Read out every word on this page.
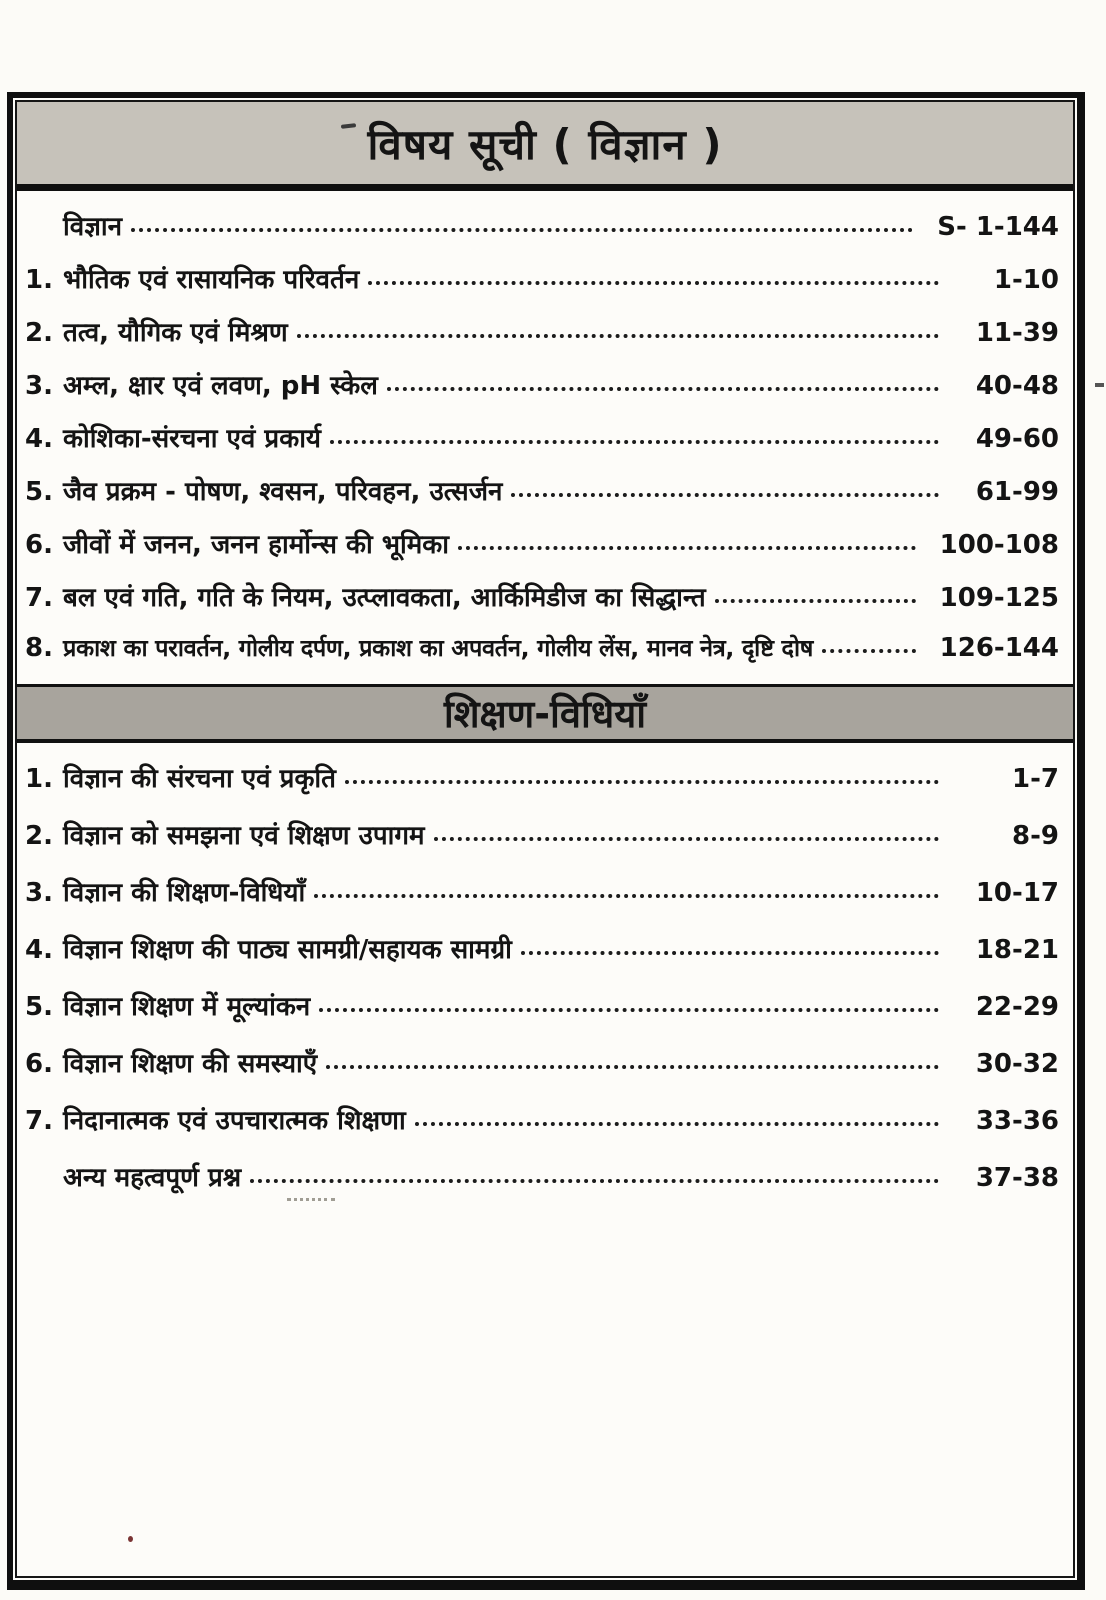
विषय सूची ( विज्ञान )
विज्ञान	S- 1-144
1. भौतिक एवं रासायनिक परिवर्तन	1-10
2. तत्व, यौगिक एवं मिश्रण	11-39
3. अम्ल, क्षार एवं लवण, pH स्केल	40-48
4. कोशिका-संरचना एवं प्रकार्य	49-60
5. जैव प्रक्रम - पोषण, श्वसन, परिवहन, उत्सर्जन	61-99
6. जीवों में जनन, जनन हार्मोन्स की भूमिका	100-108
7. बल एवं गति, गति के नियम, उत्प्लावकता, आर्किमिडीज का सिद्धान्त	109-125
8. प्रकाश का परावर्तन, गोलीय दर्पण, प्रकाश का अपवर्तन, गोलीय लेंस, मानव नेत्र, दृष्टि दोष	126-144
शिक्षण-विधियाँ
1. विज्ञान की संरचना एवं प्रकृति	1-7
2. विज्ञान को समझना एवं शिक्षण उपागम	8-9
3. विज्ञान की शिक्षण-विधियाँ	10-17
4. विज्ञान शिक्षण की पाठ्य सामग्री/सहायक सामग्री	18-21
5. विज्ञान शिक्षण में मूल्यांकन	22-29
6. विज्ञान शिक्षण की समस्याएँ	30-32
7. निदानात्मक एवं उपचारात्मक शिक्षणा	33-36
अन्य महत्वपूर्ण प्रश्न	37-38
